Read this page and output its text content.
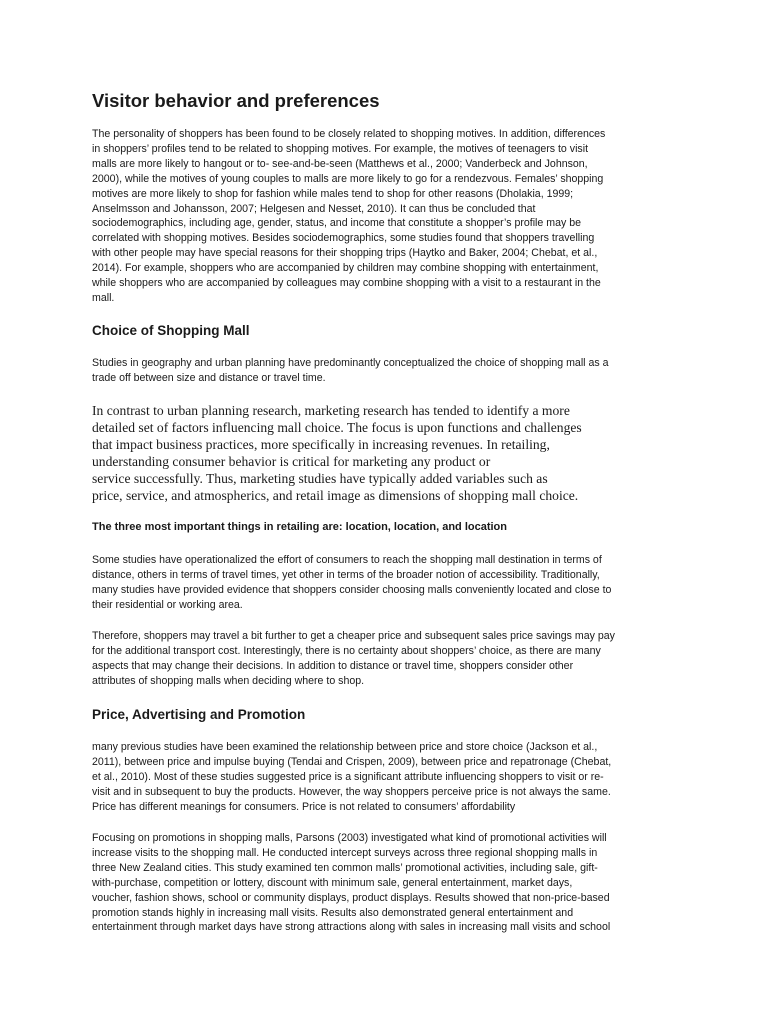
Visitor behavior and preferences

The personality of shoppers has been found to be closely related to shopping motives. In addition, differences
in shoppers’ profiles tend to be related to shopping motives. For example, the motives of teenagers to visit
malls are more likely to hangout or to- see-and-be-seen (Matthews et al., 2000; Vanderbeck and Johnson,
2000), while the motives of young couples to malls are more likely to go for a rendezvous. Females’ shopping
motives are more likely to shop for fashion while males tend to shop for other reasons (Dholakia, 1999;
Anselmsson and Johansson, 2007; Helgesen and Nesset, 2010). It can thus be concluded that
sociodemographics, including age, gender, status, and income that constitute a shopper’s profile may be
correlated with shopping motives. Besides sociodemographics, some studies found that shoppers travelling
with other people may have special reasons for their shopping trips (Haytko and Baker, 2004; Chebat, et al.,
2014). For example, shoppers who are accompanied by children may combine shopping with entertainment,
while shoppers who are accompanied by colleagues may combine shopping with a visit to a restaurant in the
mall.

Choice of Shopping Mall

Studies in geography and urban planning have predominantly conceptualized the choice of shopping mall as a
trade off between size and distance or travel time.

In contrast to urban planning research, marketing research has tended to identify a more
detailed set of factors influencing mall choice. The focus is upon functions and challenges
that impact business practices, more specifically in increasing revenues. In retailing,
understanding consumer behavior is critical for marketing any product or
service successfully. Thus, marketing studies have typically added variables such as
price, service, and atmospherics, and retail image as dimensions of shopping mall choice.

The three most important things in retailing are: location, location, and location

Some studies have operationalized the effort of consumers to reach the shopping mall destination in terms of
distance, others in terms of travel times, yet other in terms of the broader notion of accessibility. Traditionally,
many studies have provided evidence that shoppers consider choosing malls conveniently located and close to
their residential or working area.

Therefore, shoppers may travel a bit further to get a cheaper price and subsequent sales price savings may pay
for the additional transport cost. Interestingly, there is no certainty about shoppers’ choice, as there are many
aspects that may change their decisions. In addition to distance or travel time, shoppers consider other
attributes of shopping malls when deciding where to shop.

Price, Advertising and Promotion

many previous studies have been examined the relationship between price and store choice (Jackson et al.,
2011), between price and impulse buying (Tendai and Crispen, 2009), between price and repatronage (Chebat,
et al., 2010). Most of these studies suggested price is a significant attribute influencing shoppers to visit or re-
visit and in subsequent to buy the products. However, the way shoppers perceive price is not always the same.
Price has different meanings for consumers. Price is not related to consumers’ affordability

Focusing on promotions in shopping malls, Parsons (2003) investigated what kind of promotional activities will
increase visits to the shopping mall. He conducted intercept surveys across three regional shopping malls in
three New Zealand cities. This study examined ten common malls’ promotional activities, including sale, gift-
with-purchase, competition or lottery, discount with minimum sale, general entertainment, market days,
voucher, fashion shows, school or community displays, product displays. Results showed that non-price-based
promotion stands highly in increasing mall visits. Results also demonstrated general entertainment and
entertainment through market days have strong attractions along with sales in increasing mall visits and school
